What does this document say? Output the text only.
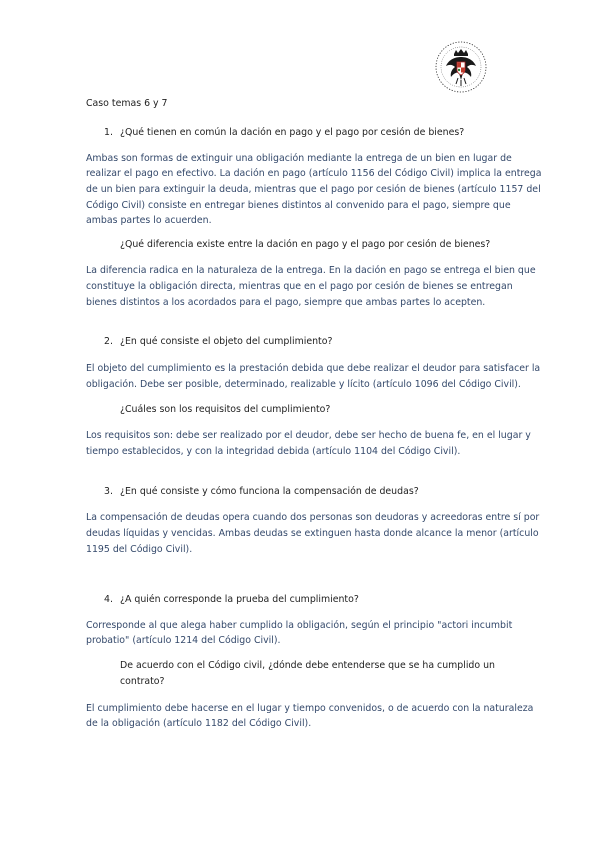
Caso temas 6 y 7
1. ¿Qué tienen en común la dación en pago y el pago por cesión de bienes?
Ambas son formas de extinguir una obligación mediante la entrega de un bien en lugar de
realizar el pago en efectivo. La dación en pago (artículo 1156 del Código Civil) implica la entrega
de un bien para extinguir la deuda, mientras que el pago por cesión de bienes (artículo 1157 del
Código Civil) consiste en entregar bienes distintos al convenido para el pago, siempre que
ambas partes lo acuerden.
¿Qué diferencia existe entre la dación en pago y el pago por cesión de bienes?
La diferencia radica en la naturaleza de la entrega. En la dación en pago se entrega el bien que
constituye la obligación directa, mientras que en el pago por cesión de bienes se entregan
bienes distintos a los acordados para el pago, siempre que ambas partes lo acepten.
2. ¿En qué consiste el objeto del cumplimiento?
El objeto del cumplimiento es la prestación debida que debe realizar el deudor para satisfacer la
obligación. Debe ser posible, determinado, realizable y lícito (artículo 1096 del Código Civil).
¿Cuáles son los requisitos del cumplimiento?
Los requisitos son: debe ser realizado por el deudor, debe ser hecho de buena fe, en el lugar y
tiempo establecidos, y con la integridad debida (artículo 1104 del Código Civil).
3. ¿En qué consiste y cómo funciona la compensación de deudas?
La compensación de deudas opera cuando dos personas son deudoras y acreedoras entre sí por
deudas líquidas y vencidas. Ambas deudas se extinguen hasta donde alcance la menor (artículo
1195 del Código Civil).
4. ¿A quién corresponde la prueba del cumplimiento?
Corresponde al que alega haber cumplido la obligación, según el principio "actori incumbit
probatio" (artículo 1214 del Código Civil).
De acuerdo con el Código civil, ¿dónde debe entenderse que se ha cumplido un
contrato?
El cumplimiento debe hacerse en el lugar y tiempo convenidos, o de acuerdo con la naturaleza
de la obligación (artículo 1182 del Código Civil).
